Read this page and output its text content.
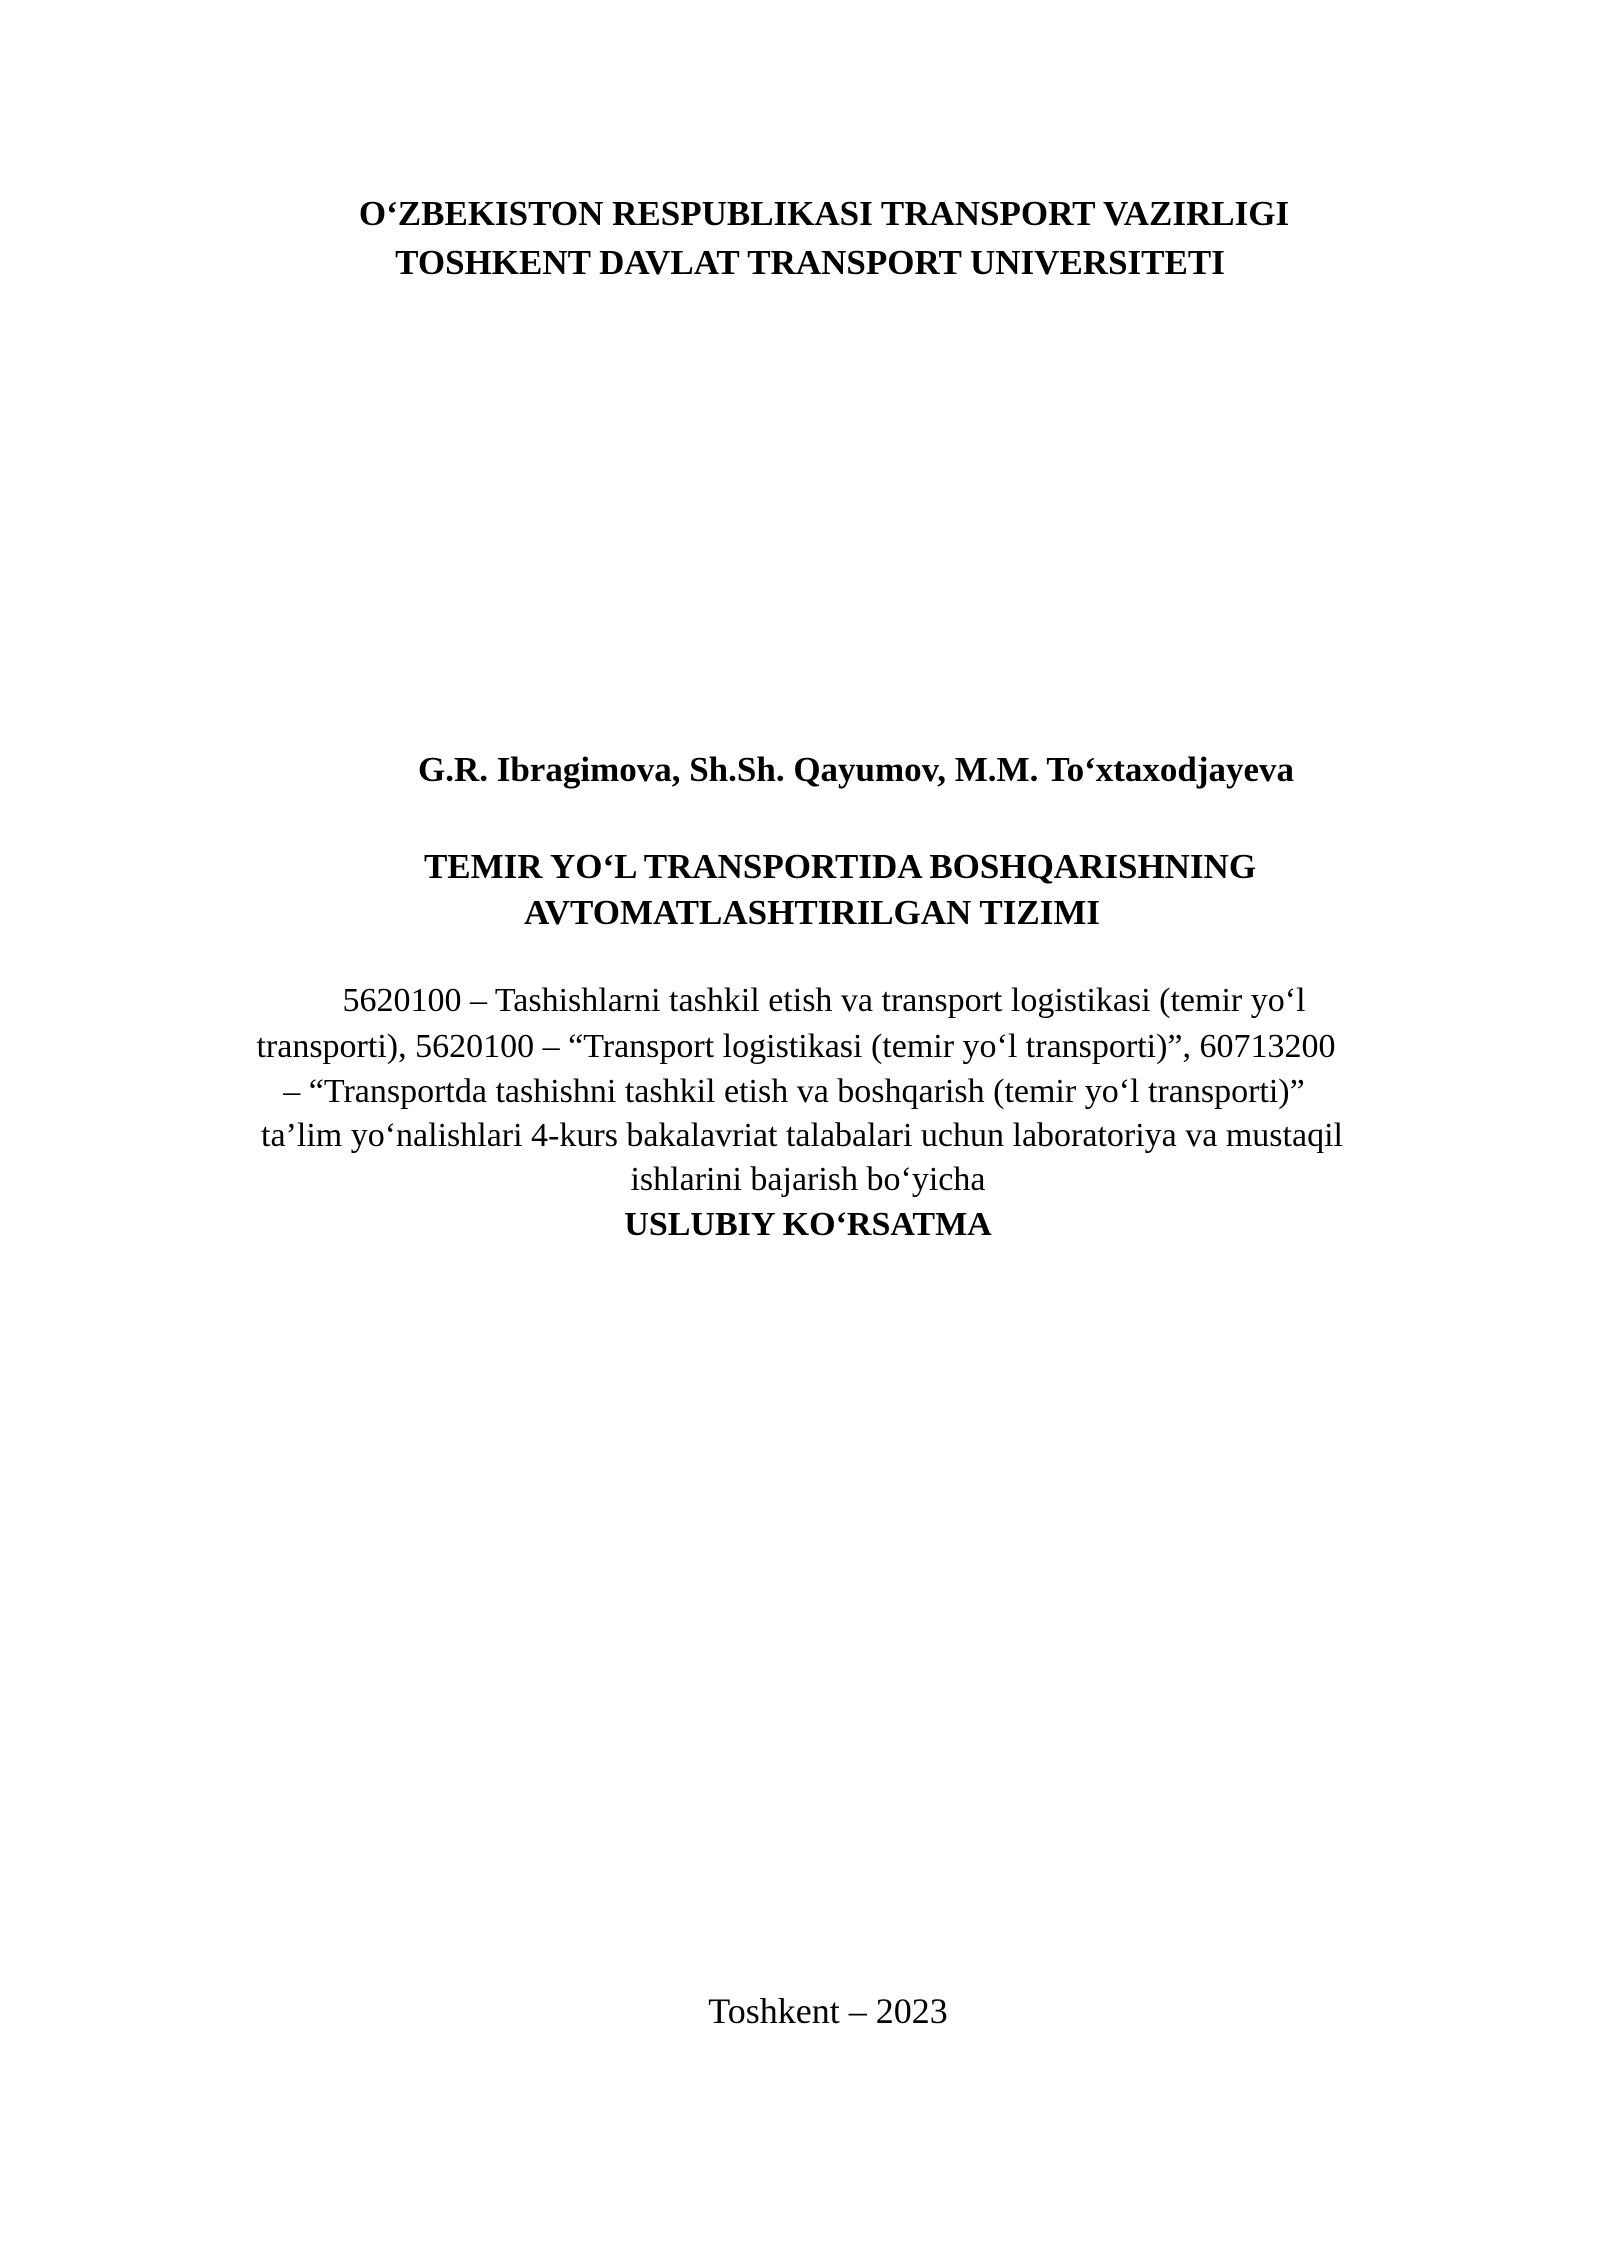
O‘ZBEKISTON RESPUBLIKASI TRANSPORT VAZIRLIGI
TOSHKENT DAVLAT TRANSPORT UNIVERSITETI
G.R. Ibragimova, Sh.Sh. Qayumov, M.M. To‘xtaxodjayeva
TEMIR YO‘L TRANSPORTIDA BOSHQARISHNING
AVTOMATLASHTIRILGAN TIZIMI
5620100 – Tashishlarni tashkil etish va transport logistikasi (temir yo‘l
transporti), 5620100 – “Transport logistikasi (temir yo‘l transporti)”, 60713200
– “Transportda tashishni tashkil etish va boshqarish (temir yo‘l transporti)”
ta’lim yo‘nalishlari 4-kurs bakalavriat talabalari uchun laboratoriya va mustaqil
ishlarini bajarish bo‘yicha
USLUBIY KO‘RSATMA
Toshkent – 2023
